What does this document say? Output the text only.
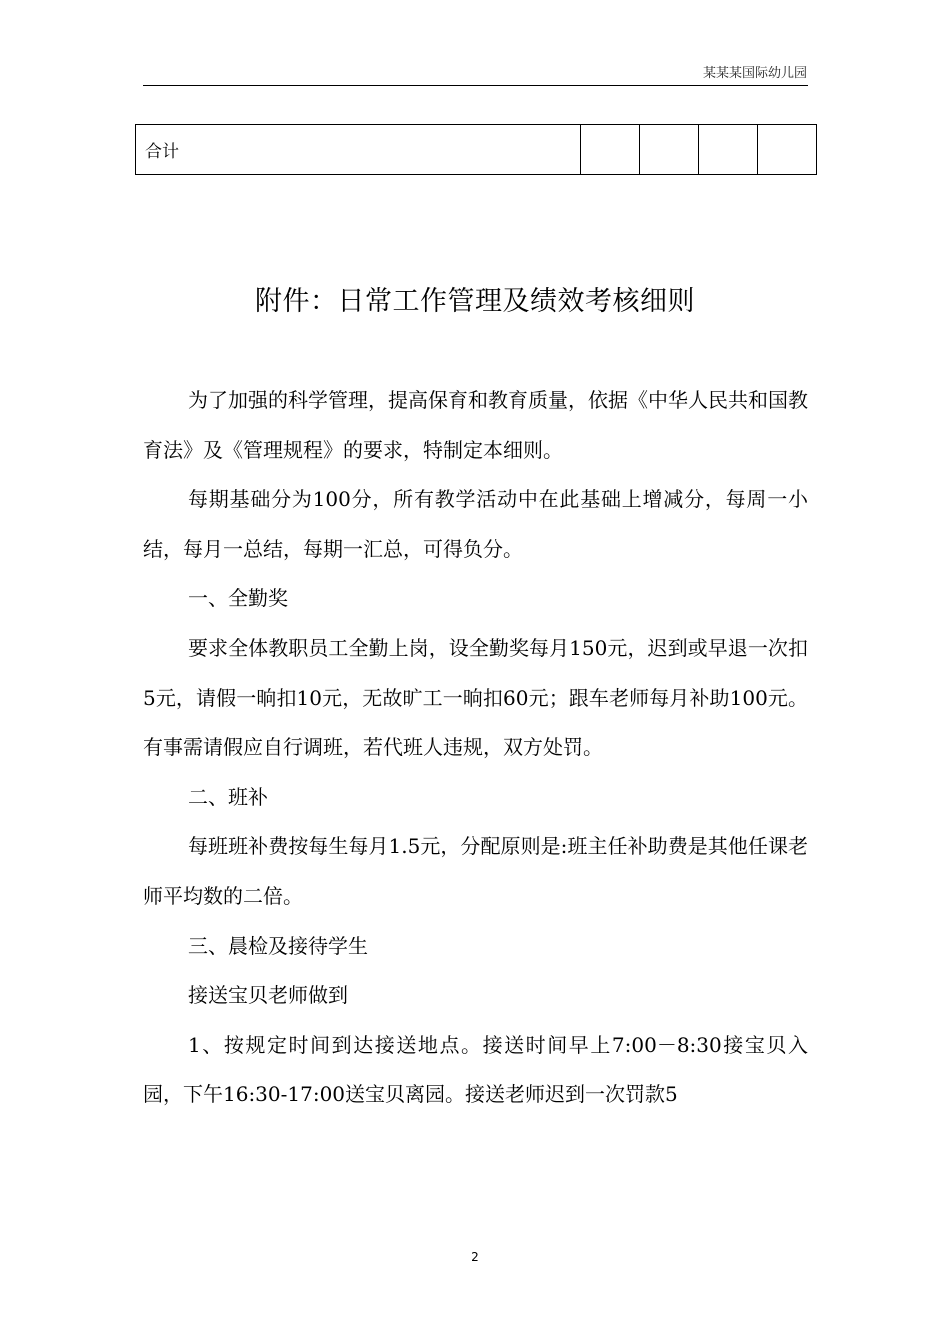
某某某国际幼儿园
合计				
附件：日常工作管理及绩效考核细则

为了加强的科学管理，提高保育和教育质量，依据《中华人民共和国教育法》及《管理规程》的要求，特制定本细则。

每期基础分为100分，所有教学活动中在此基础上增减分，每周一小结，每月一总结，每期一汇总，可得负分。

一、全勤奖

要求全体教职员工全勤上岗，设全勤奖每月150元，迟到或早退一次扣5元，请假一晌扣10元，无故旷工一晌扣60元；跟车老师每月补助100元。有事需请假应自行调班，若代班人违规，双方处罚。

二、班补

每班班补费按每生每月1.5元，分配原则是:班主任补助费是其他任课老师平均数的二倍。

三、晨检及接待学生

接送宝贝老师做到

1、按规定时间到达接送地点。接送时间早上7:00－8:30接宝贝入园，下午16:30-17:00送宝贝离园。接送老师迟到一次罚款5

2
